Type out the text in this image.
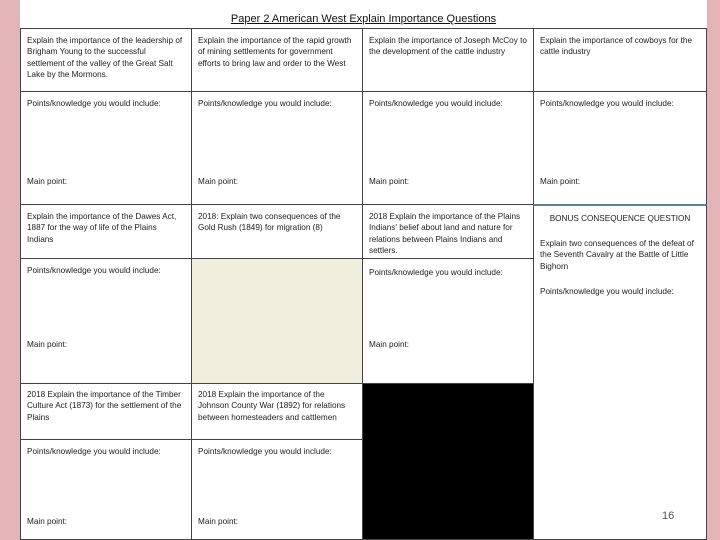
Paper 2 American West Explain Importance Questions
Explain the importance of the leadership of Brigham Young to the successful settlement of the valley of the Great Salt Lake by the Mormons.
Explain the importance of the rapid growth of mining settlements for government efforts to bring law and order to the West
Explain the importance of Joseph McCoy to the development of the cattle industry
Explain the importance of cowboys for the cattle industry
Points/knowledge you would include:
Main point:
Points/knowledge you would include:
Main point:
Points/knowledge you would include:
Main point:
Points/knowledge you would include:
Main point:
Explain the importance of the Dawes Act, 1887 for the way of life of the Plains Indians
2018: Explain two consequences of the Gold Rush (1849) for migration (8)
2018 Explain the importance of the Plains Indians' belief about land and nature for relations between Plains Indians and settlers.
BONUS CONSEQUENCE QUESTION
Explain two consequences of the defeat of the Seventh Cavalry at the Battle of Little Bighorn
Points/knowledge you would include:
Points/knowledge you would include:
Main point:
Points/knowledge you would include:
Main point:
2018 Explain the importance of the Timber Culture Act (1873) for the settlement of the Plains
2018 Explain the importance of the Johnson County War (1892) for relations between homesteaders and cattlemen
Points/knowledge you would include:
Main point:
Points/knowledge you would include:
Main point:	16
